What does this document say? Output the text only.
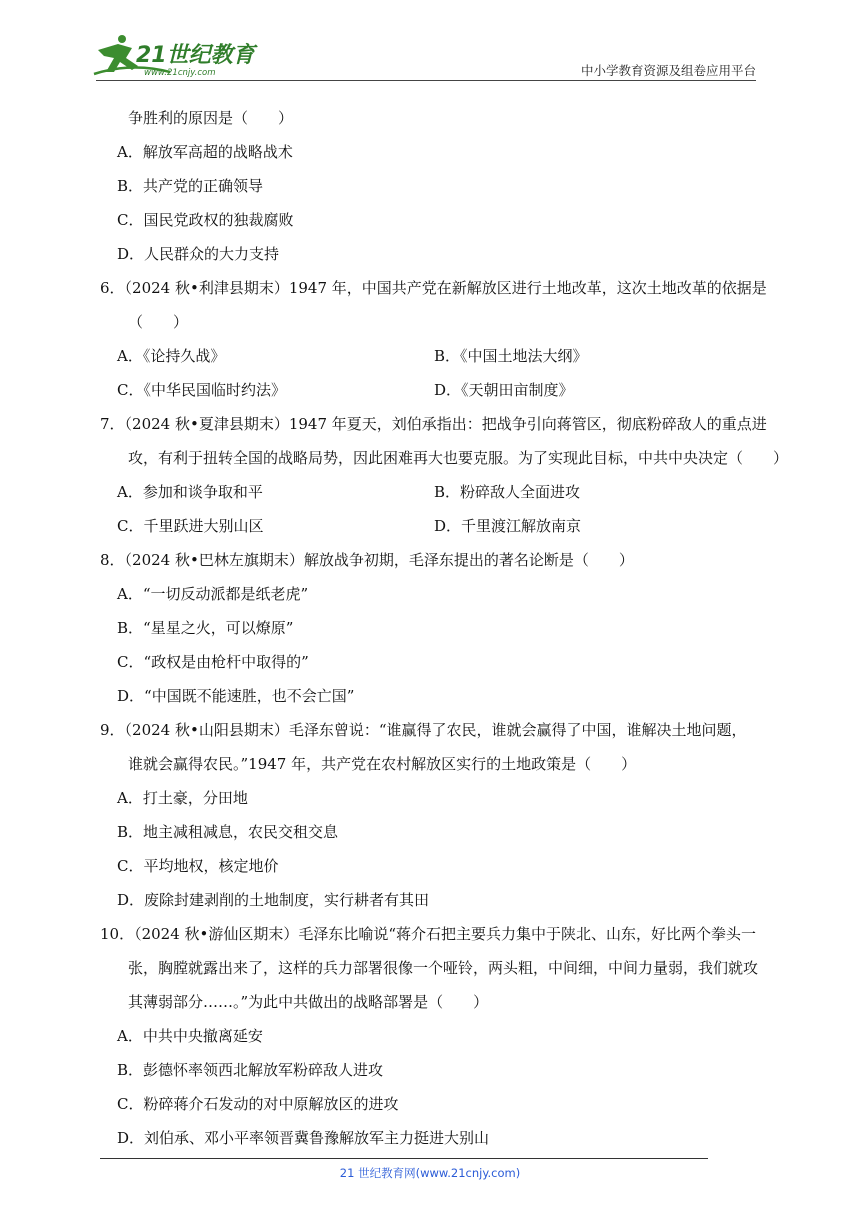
21世纪教育
www.21cnjy.com	中小学教育资源及组卷应用平台
争胜利的原因是（　　）
A．解放军高超的战略战术
B．共产党的正确领导
C．国民党政权的独裁腐败
D．人民群众的大力支持
6．（2024 秋•利津县期末）1947 年，中国共产党在新解放区进行土地改革，这次土地改革的依据是
（　　）
A．《论持久战》	B．《中国土地法大纲》
C．《中华民国临时约法》	D．《天朝田亩制度》
7．（2024 秋•夏津县期末）1947 年夏天，刘伯承指出：把战争引向蒋管区，彻底粉碎敌人的重点进
攻，有利于扭转全国的战略局势，因此困难再大也要克服。为了实现此目标，中共中央决定（　　）
A．参加和谈争取和平	B．粉碎敌人全面进攻
C．千里跃进大别山区	D．千里渡江解放南京
8．（2024 秋•巴林左旗期末）解放战争初期，毛泽东提出的著名论断是（　　）
A．“一切反动派都是纸老虎”
B．“星星之火，可以燎原”
C．“政权是由枪杆中取得的”
D．“中国既不能速胜，也不会亡国”
9．（2024 秋•山阳县期末）毛泽东曾说：“谁赢得了农民，谁就会赢得了中国，谁解决土地问题，
谁就会赢得农民。”1947 年，共产党在农村解放区实行的土地政策是（　　）
A．打土豪，分田地
B．地主减租减息，农民交租交息
C．平均地权，核定地价
D．废除封建剥削的土地制度，实行耕者有其田
10．（2024 秋•游仙区期末）毛泽东比喻说“蒋介石把主要兵力集中于陕北、山东，好比两个拳头一
张，胸膛就露出来了，这样的兵力部署很像一个哑铃，两头粗，中间细，中间力量弱，我们就攻
其薄弱部分……。”为此中共做出的战略部署是（　　）
A．中共中央撤离延安
B．彭德怀率领西北解放军粉碎敌人进攻
C．粉碎蒋介石发动的对中原解放区的进攻
D．刘伯承、邓小平率领晋冀鲁豫解放军主力挺进大别山
21 世纪教育网(www.21cnjy.com)
